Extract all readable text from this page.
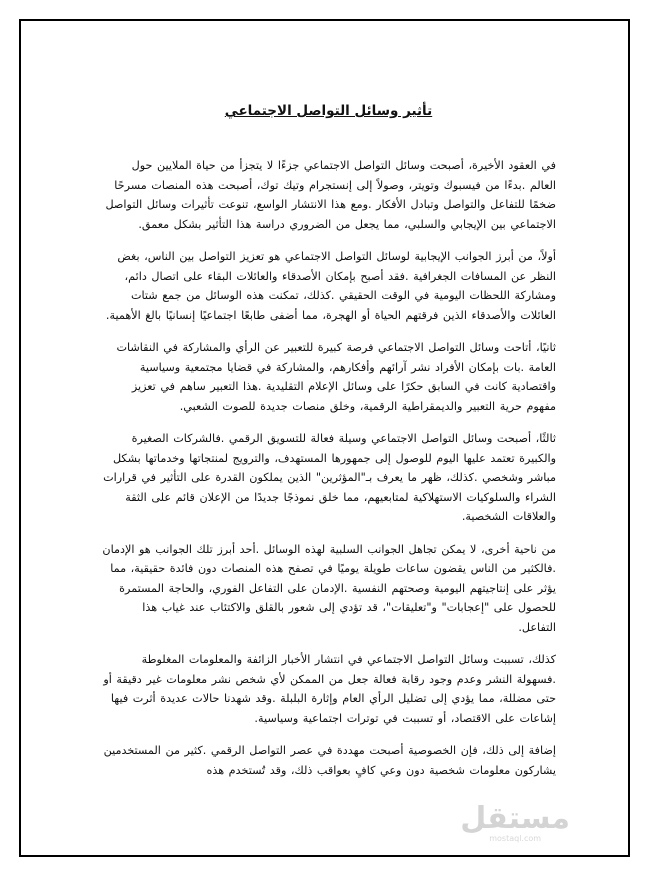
تأثير وسائل التواصل الاجتماعي

في العقود الأخيرة، أصبحت وسائل التواصل الاجتماعي جزءًا لا يتجزأ من حياة الملايين حول العالم .بدءًا من فيسبوك وتويتر، وصولاً إلى إنستجرام وتيك توك، أصبحت هذه المنصات مسرحًا ضخمًا للتفاعل والتواصل وتبادل الأفكار .ومع هذا الانتشار الواسع، تنوعت تأثيرات وسائل التواصل الاجتماعي بين الإيجابي والسلبي، مما يجعل من الضروري دراسة هذا التأثير بشكل معمق.

أولاً، من أبرز الجوانب الإيجابية لوسائل التواصل الاجتماعي هو تعزيز التواصل بين الناس، بغض النظر عن المسافات الجغرافية .فقد أصبح بإمكان الأصدقاء والعائلات البقاء على اتصال دائم، ومشاركة اللحظات اليومية في الوقت الحقيقي .كذلك، تمكنت هذه الوسائل من جمع شتات العائلات والأصدقاء الذين فرقتهم الحياة أو الهجرة، مما أضفى طابعًا اجتماعيًا إنسانيًا بالغ الأهمية.

ثانيًا، أتاحت وسائل التواصل الاجتماعي فرصة كبيرة للتعبير عن الرأي والمشاركة في النقاشات العامة .بات بإمكان الأفراد نشر آرائهم وأفكارهم، والمشاركة في قضايا مجتمعية وسياسية واقتصادية كانت في السابق حكرًا على وسائل الإعلام التقليدية .هذا التعبير ساهم في تعزيز مفهوم حرية التعبير والديمقراطية الرقمية، وخلق منصات جديدة للصوت الشعبي.

ثالثًا، أصبحت وسائل التواصل الاجتماعي وسيلة فعالة للتسويق الرقمي .فالشركات الصغيرة والكبيرة تعتمد عليها اليوم للوصول إلى جمهورها المستهدف، والترويج لمنتجاتها وخدماتها بشكل مباشر وشخصي .كذلك، ظهر ما يعرف بـ"المؤثرين" الذين يملكون القدرة على التأثير في قرارات الشراء والسلوكيات الاستهلاكية لمتابعيهم، مما خلق نموذجًا جديدًا من الإعلان قائم على الثقة والعلاقات الشخصية.

من ناحية أخرى، لا يمكن تجاهل الجوانب السلبية لهذه الوسائل .أحد أبرز تلك الجوانب هو الإدمان .فالكثير من الناس يقضون ساعات طويلة يوميًا في تصفح هذه المنصات دون فائدة حقيقية، مما يؤثر على إنتاجيتهم اليومية وصحتهم النفسية .الإدمان على التفاعل الفوري، والحاجة المستمرة للحصول على "إعجابات" و"تعليقات"، قد تؤدي إلى شعور بالقلق والاكتئاب عند غياب هذا التفاعل.

كذلك، تسببت وسائل التواصل الاجتماعي في انتشار الأخبار الزائفة والمعلومات المغلوطة .فسهولة النشر وعدم وجود رقابة فعالة جعل من الممكن لأي شخص نشر معلومات غير دقيقة أو حتى مضللة، مما يؤدي إلى تضليل الرأي العام وإثارة البلبلة .وقد شهدنا حالات عديدة أثرت فيها إشاعات على الاقتصاد، أو تسببت في توترات اجتماعية وسياسية.

إضافة إلى ذلك، فإن الخصوصية أصبحت مهددة في عصر التواصل الرقمي .كثير من المستخدمين يشاركون معلومات شخصية دون وعي كافٍ بعواقب ذلك، وقد تُستخدم هذه

مستقل
mostaql.com
